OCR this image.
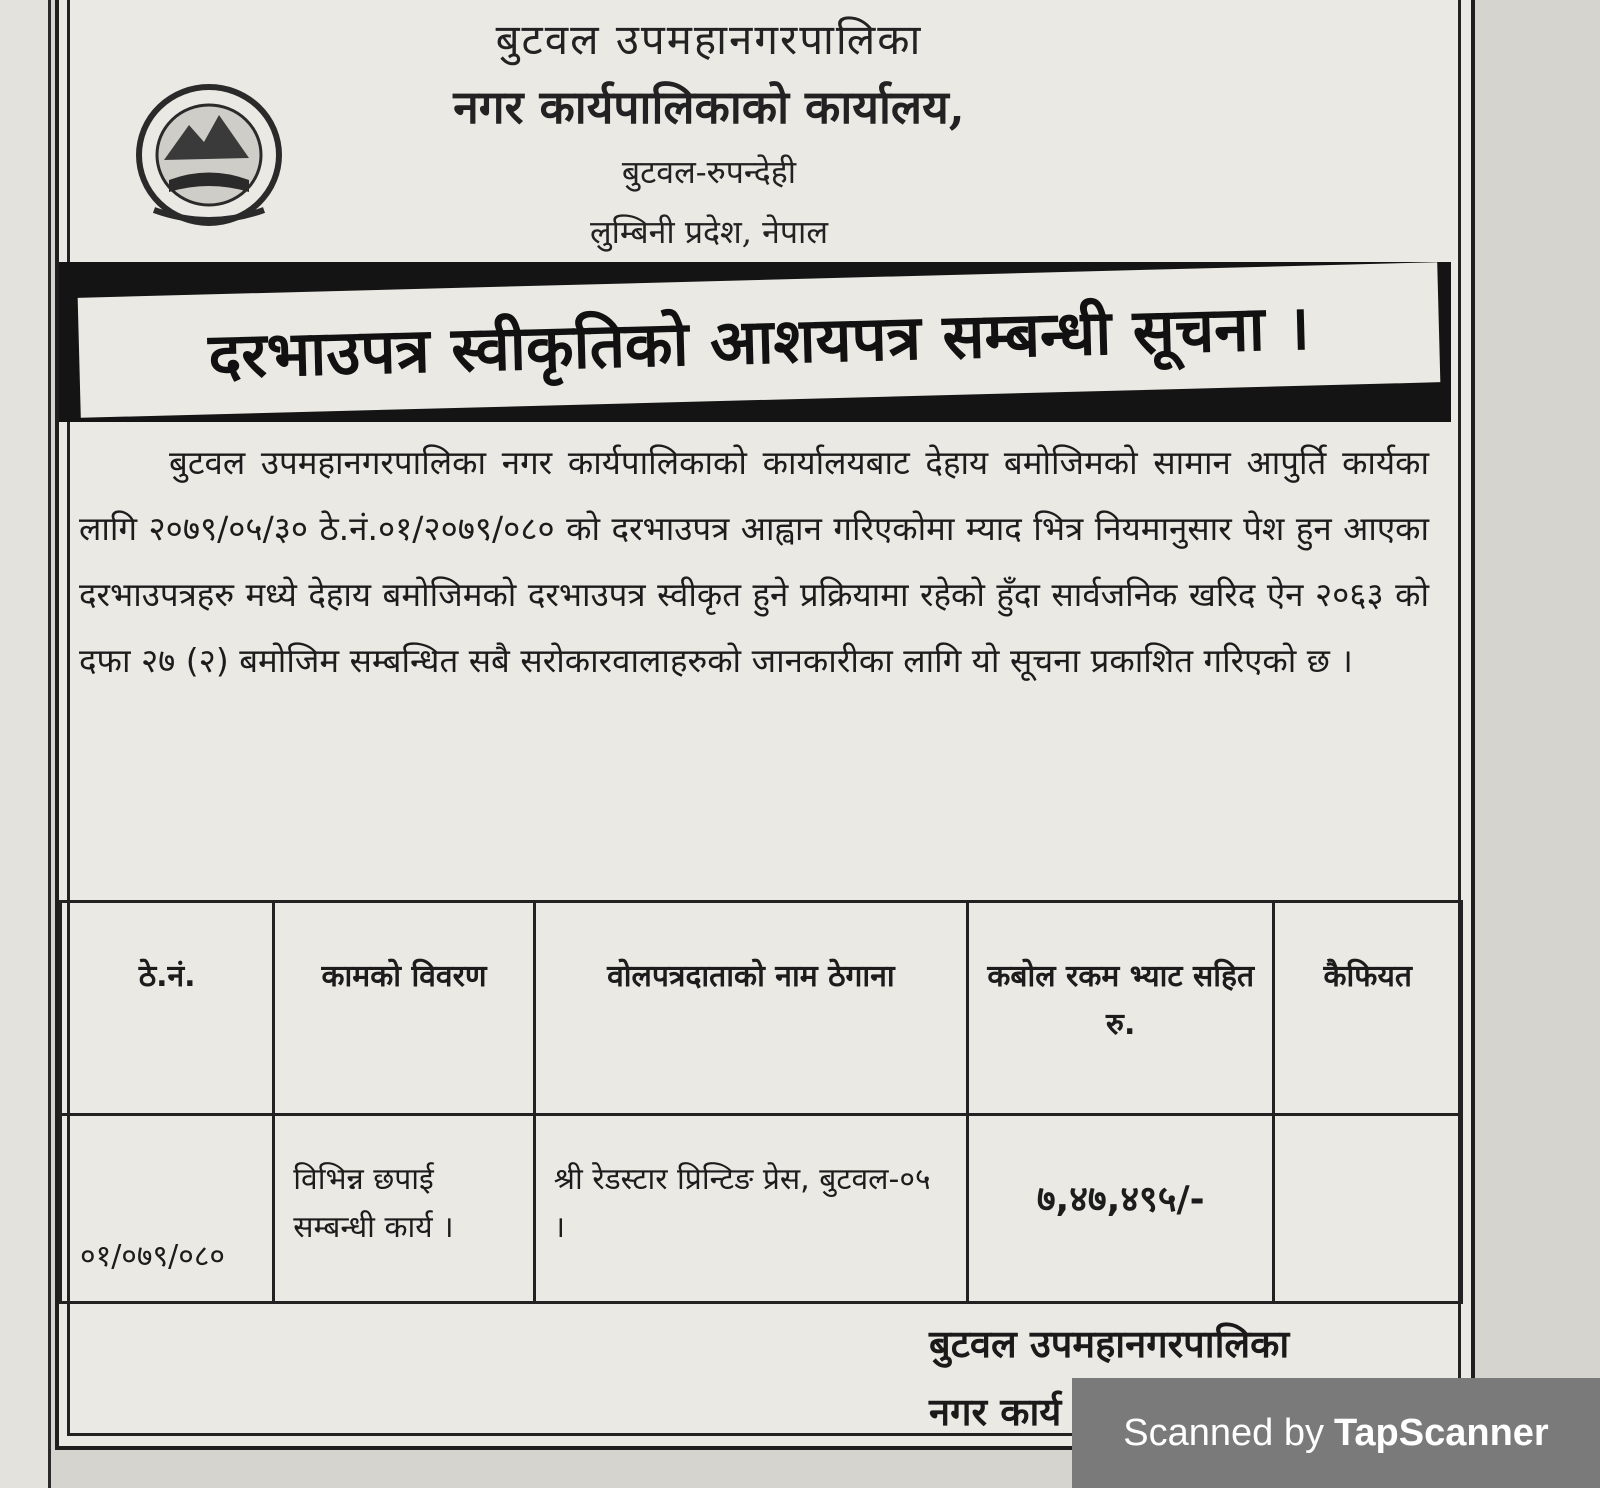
बुटवल उपमहानगरपालिका
नगर कार्यपालिकाको कार्यालय,
बुटवल-रुपन्देही
लुम्बिनी प्रदेश, नेपाल
दरभाउपत्र स्वीकृतिको आशयपत्र सम्बन्धी सूचना ।
बुटवल उपमहानगरपालिका नगर कार्यपालिकाको कार्यालयबाट देहाय बमोजिमको सामान आपुर्ति कार्यका लागि २०७९/०५/३० ठे.नं.०१/२०७९/०८० को दरभाउपत्र आह्वान गरिएकोमा म्याद भित्र नियमानुसार पेश हुन आएका दरभाउपत्रहरु मध्ये देहाय बमोजिमको दरभाउपत्र स्वीकृत हुने प्रक्रियामा रहेको हुँदा सार्वजनिक खरिद ऐन २०६३ को दफा २७ (२) बमोजिम सम्बन्धित सबै सरोकारवालाहरुको जानकारीका लागि यो सूचना प्रकाशित गरिएको छ ।
ठे.नं.	कामको विवरण	वोलपत्रदाताको नाम ठेगाना	कबोल रकम भ्याट सहित रु.	कैफियत
०१/०७९/०८०	विभिन्न छपाई सम्बन्धी कार्य ।	श्री रेडस्टार प्रिन्टिङ प्रेस, बुटवल-०५ ।	७,४७,४९५/-	
बुटवल उपमहानगरपालिका
नगर कार्य	Scanned by TapScanner
